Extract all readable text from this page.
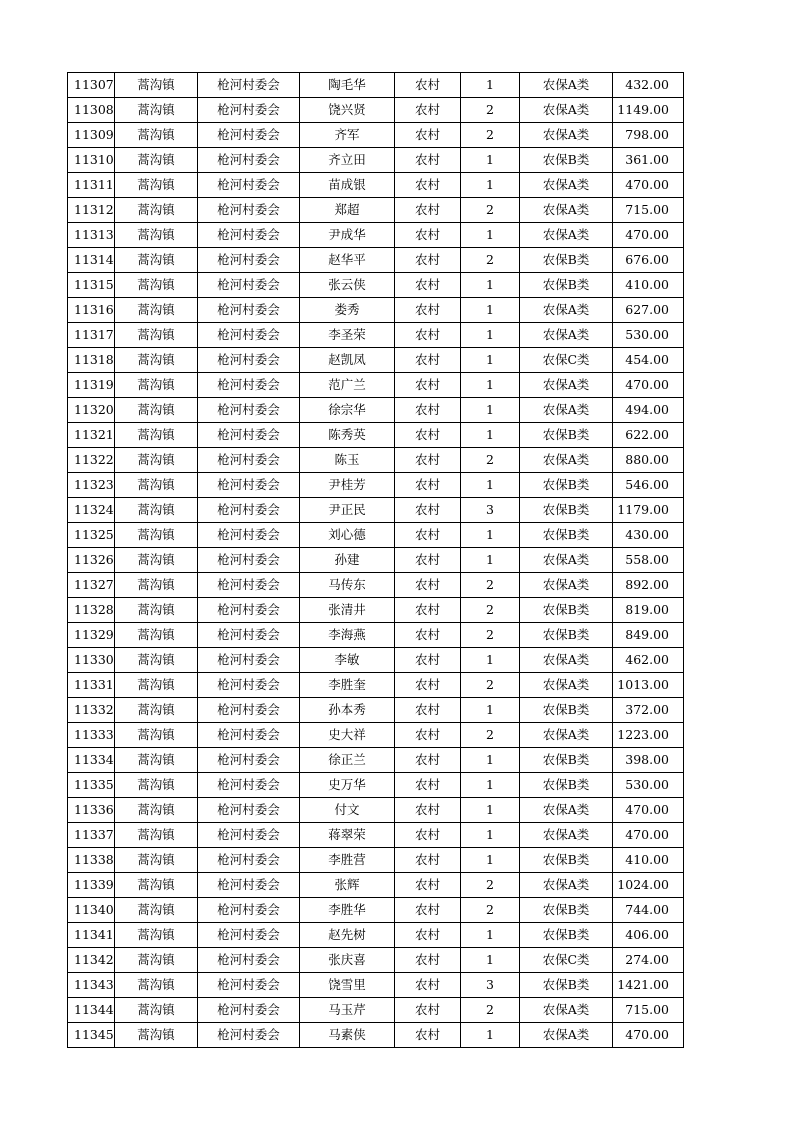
11307	蒿沟镇	枪河村委会	陶毛华	农村	1	农保A类	432.00
11308	蒿沟镇	枪河村委会	饶兴贤	农村	2	农保A类	1149.00
11309	蒿沟镇	枪河村委会	齐军	农村	2	农保A类	798.00
11310	蒿沟镇	枪河村委会	齐立田	农村	1	农保B类	361.00
11311	蒿沟镇	枪河村委会	苗成银	农村	1	农保A类	470.00
11312	蒿沟镇	枪河村委会	郑超	农村	2	农保A类	715.00
11313	蒿沟镇	枪河村委会	尹成华	农村	1	农保A类	470.00
11314	蒿沟镇	枪河村委会	赵华平	农村	2	农保B类	676.00
11315	蒿沟镇	枪河村委会	张云侠	农村	1	农保B类	410.00
11316	蒿沟镇	枪河村委会	娄秀	农村	1	农保A类	627.00
11317	蒿沟镇	枪河村委会	李圣荣	农村	1	农保A类	530.00
11318	蒿沟镇	枪河村委会	赵凯凤	农村	1	农保C类	454.00
11319	蒿沟镇	枪河村委会	范广兰	农村	1	农保A类	470.00
11320	蒿沟镇	枪河村委会	徐宗华	农村	1	农保A类	494.00
11321	蒿沟镇	枪河村委会	陈秀英	农村	1	农保B类	622.00
11322	蒿沟镇	枪河村委会	陈玉	农村	2	农保A类	880.00
11323	蒿沟镇	枪河村委会	尹桂芳	农村	1	农保B类	546.00
11324	蒿沟镇	枪河村委会	尹正民	农村	3	农保B类	1179.00
11325	蒿沟镇	枪河村委会	刘心德	农村	1	农保B类	430.00
11326	蒿沟镇	枪河村委会	孙建	农村	1	农保A类	558.00
11327	蒿沟镇	枪河村委会	马传东	农村	2	农保A类	892.00
11328	蒿沟镇	枪河村委会	张清井	农村	2	农保B类	819.00
11329	蒿沟镇	枪河村委会	李海燕	农村	2	农保B类	849.00
11330	蒿沟镇	枪河村委会	李敏	农村	1	农保A类	462.00
11331	蒿沟镇	枪河村委会	李胜奎	农村	2	农保A类	1013.00
11332	蒿沟镇	枪河村委会	孙本秀	农村	1	农保B类	372.00
11333	蒿沟镇	枪河村委会	史大祥	农村	2	农保A类	1223.00
11334	蒿沟镇	枪河村委会	徐正兰	农村	1	农保B类	398.00
11335	蒿沟镇	枪河村委会	史万华	农村	1	农保B类	530.00
11336	蒿沟镇	枪河村委会	付文	农村	1	农保A类	470.00
11337	蒿沟镇	枪河村委会	蒋翠荣	农村	1	农保A类	470.00
11338	蒿沟镇	枪河村委会	李胜营	农村	1	农保B类	410.00
11339	蒿沟镇	枪河村委会	张辉	农村	2	农保A类	1024.00
11340	蒿沟镇	枪河村委会	李胜华	农村	2	农保B类	744.00
11341	蒿沟镇	枪河村委会	赵先树	农村	1	农保B类	406.00
11342	蒿沟镇	枪河村委会	张庆喜	农村	1	农保C类	274.00
11343	蒿沟镇	枪河村委会	饶雪里	农村	3	农保B类	1421.00
11344	蒿沟镇	枪河村委会	马玉芹	农村	2	农保A类	715.00
11345	蒿沟镇	枪河村委会	马素侠	农村	1	农保A类	470.00
